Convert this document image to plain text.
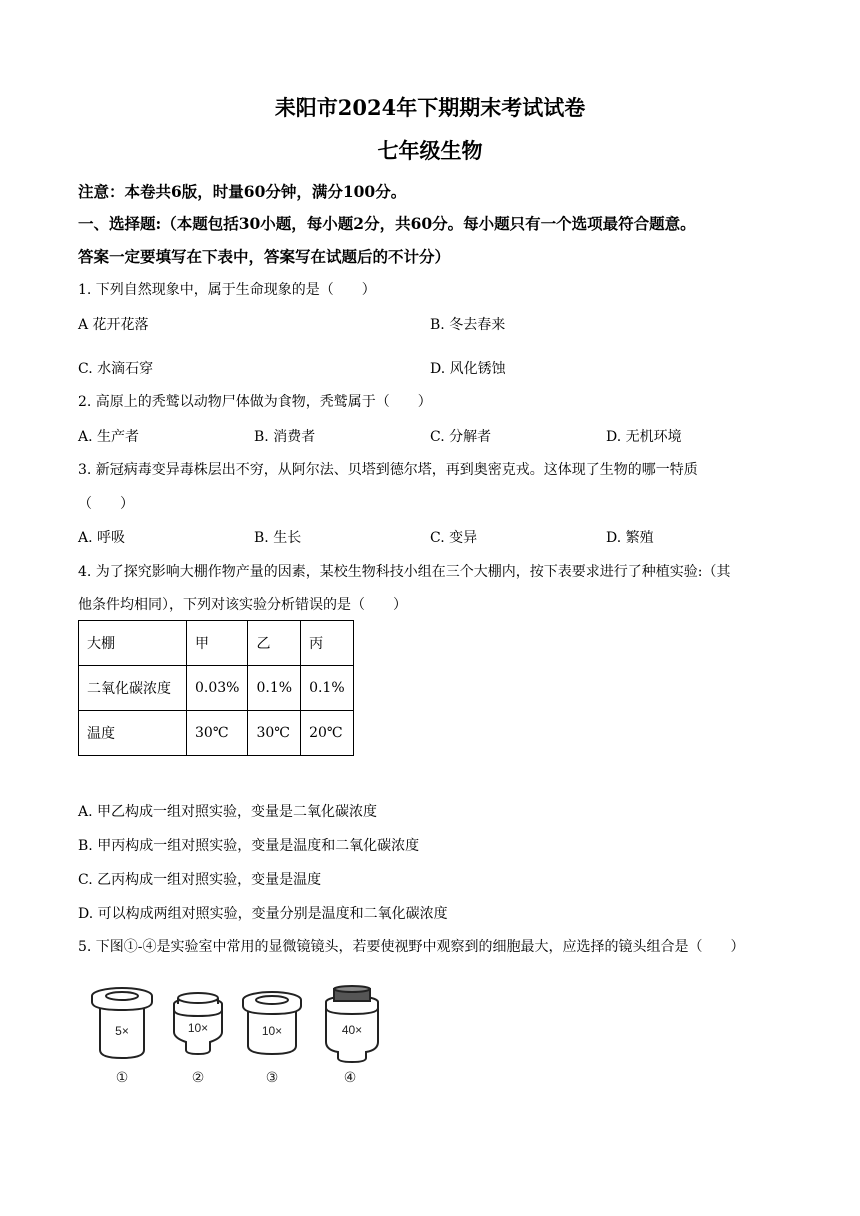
耒阳市2024年下期期末考试试卷
七年级生物
注意：本卷共6版，时量60分钟，满分100分。
一、选择题:（本题包括30小题，每小题2分，共60分。每小题只有一个选项最符合题意。
答案一定要填写在下表中，答案写在试题后的不计分）
1. 下列自然现象中，属于生命现象的是（　　）
A 花开花落	B. 冬去春来
C. 水滴石穿	D. 风化锈蚀
2. 高原上的秃鹫以动物尸体做为食物，秃鹫属于（　　）
A. 生产者	B. 消费者	C. 分解者	D. 无机环境
3. 新冠病毒变异毒株层出不穷，从阿尔法、贝塔到德尔塔，再到奥密克戎。这体现了生物的哪一特质
（　　）
A. 呼吸	B. 生长	C. 变异	D. 繁殖
4. 为了探究影响大棚作物产量的因素，某校生物科技小组在三个大棚内，按下表要求进行了种植实验:（其
他条件均相同），下列对该实验分析错误的是（　　）
大棚	甲	乙	丙
二氧化碳浓度	0.03%	0.1%	0.1%
温度	30℃	30℃	20℃
A. 甲乙构成一组对照实验，变量是二氧化碳浓度
B. 甲丙构成一组对照实验，变量是温度和二氧化碳浓度
C. 乙丙构成一组对照实验，变量是温度
D. 可以构成两组对照实验，变量分别是温度和二氧化碳浓度
5. 下图①-④是实验室中常用的显微镜镜头，若要使视野中观察到的细胞最大，应选择的镜头组合是（　　）
5×	10×	10×	40×
①	②	③	④
